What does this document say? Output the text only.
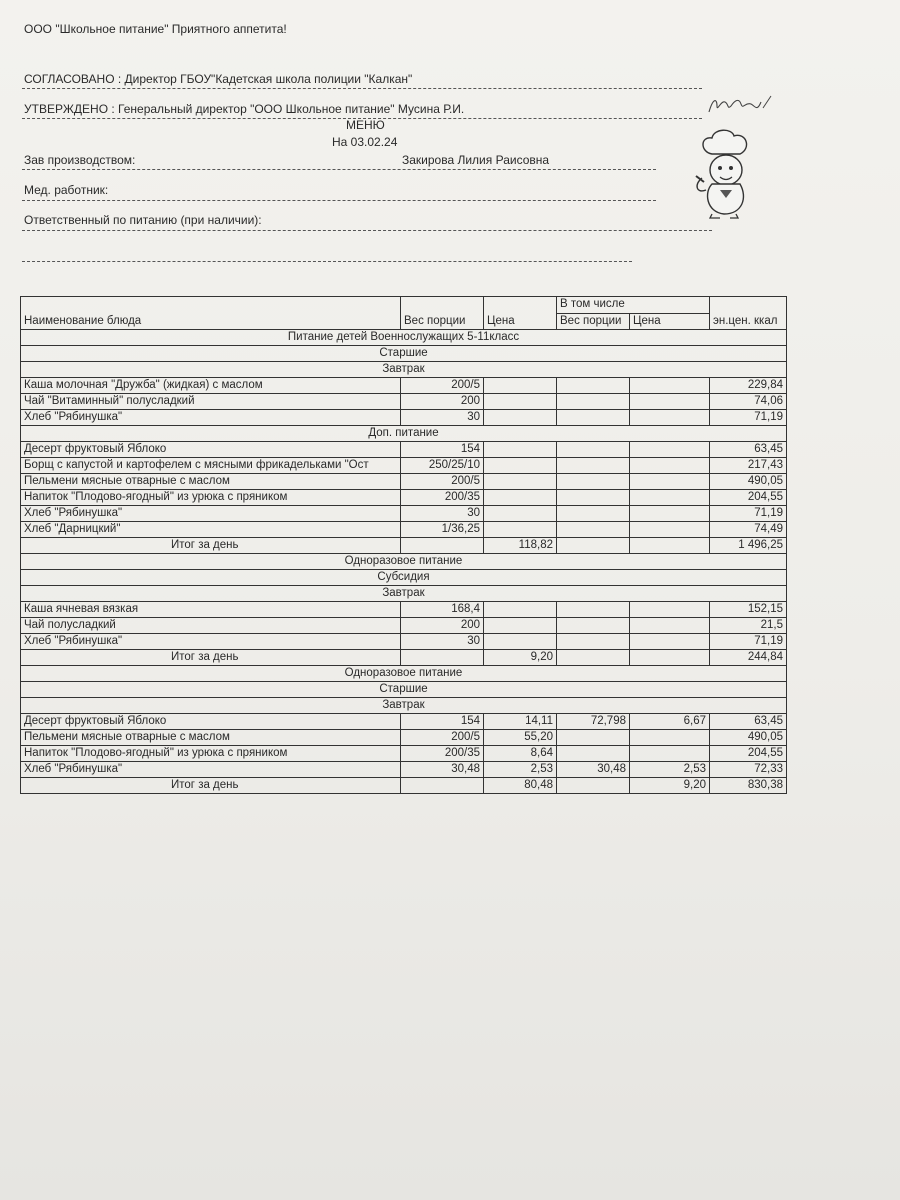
ООО "Школьное питание" Приятного аппетита!
СОГЛАСОВАНО : Директор ГБОУ"Кадетская школа полиции "Калкан"
УТВЕРЖДЕНО : Генеральный директор "ООО Школьное питание" Мусина Р.И.
МЕНЮ
На 03.02.24
Зав производством:	Закирова Лилия Раисовна
Мед. работник:
Ответственный по питанию (при наличии):
Наименование блюда	Вес порции	Цена	В том числе		эн.цен. ккал
			Вес порции	Цена	
Питание детей Военнослужащих 5-11класс					
Старшие					
Завтрак					
Каша молочная "Дружба" (жидкая) с маслом	200/5				229,84
Чай "Витаминный" полусладкий	200				74,06
Хлеб "Рябинушка"	30				71,19
Доп. питание					
Десерт фруктовый Яблоко	154				63,45
Борщ с капустой и картофелем с мясными фрикадельками "Ост	250/25/10				217,43
Пельмени мясные отварные с маслом	200/5				490,05
Напиток "Плодово-ягодный" из урюка с пряником	200/35				204,55
Хлеб "Рябинушка"	30				71,19
Хлеб "Дарницкий"	1/36,25				74,49
Итог за день		118,82			1 496,25
Одноразовое питание					
Субсидия					
Завтрак					
Каша ячневая вязкая	168,4				152,15
Чай полусладкий	200				21,5
Хлеб "Рябинушка"	30				71,19
Итог за день		9,20			244,84
Одноразовое питание					
Старшие					
Завтрак					
Десерт фруктовый Яблоко	154	14,11	72,798	6,67	63,45
Пельмени мясные отварные с маслом	200/5	55,20			490,05
Напиток "Плодово-ягодный" из урюка с пряником	200/35	8,64			204,55
Хлеб "Рябинушка"	30,48	2,53	30,48	2,53	72,33
Итог за день		80,48		9,20	830,38
